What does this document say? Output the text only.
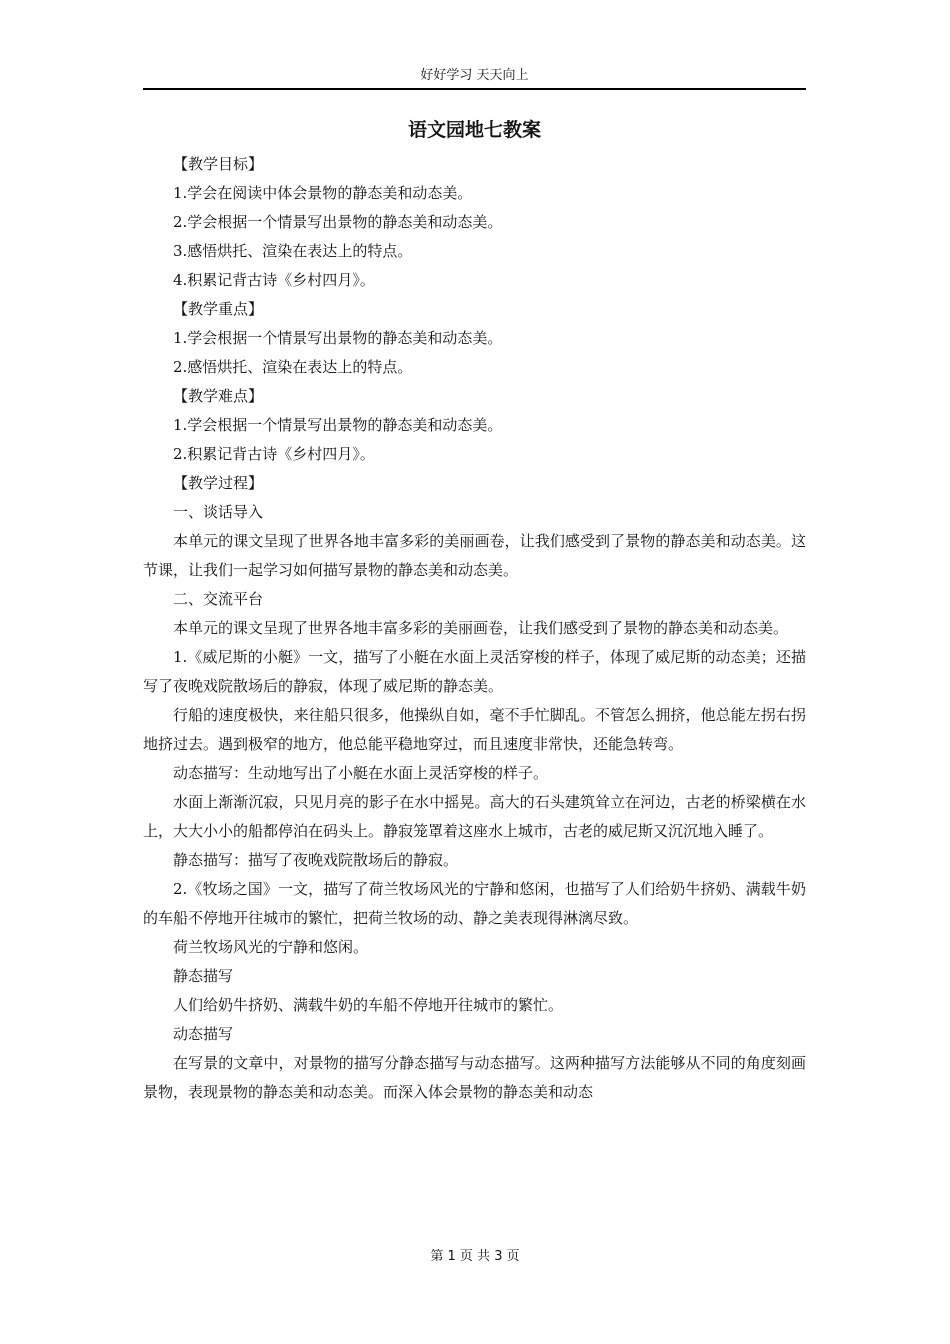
好好学习 天天向上
语文园地七教案

【教学目标】

1.学会在阅读中体会景物的静态美和动态美。

2.学会根据一个情景写出景物的静态美和动态美。

3.感悟烘托、渲染在表达上的特点。

4.积累记背古诗《乡村四月》。

【教学重点】

1.学会根据一个情景写出景物的静态美和动态美。

2.感悟烘托、渲染在表达上的特点。

【教学难点】

1.学会根据一个情景写出景物的静态美和动态美。

2.积累记背古诗《乡村四月》。

【教学过程】

一、谈话导入

本单元的课文呈现了世界各地丰富多彩的美丽画卷，让我们感受到了景物的静态美和动态美。这节课，让我们一起学习如何描写景物的静态美和动态美。

二、交流平台

本单元的课文呈现了世界各地丰富多彩的美丽画卷，让我们感受到了景物的静态美和动态美。

1.《威尼斯的小艇》一文，描写了小艇在水面上灵活穿梭的样子，体现了威尼斯的动态美；还描写了夜晚戏院散场后的静寂，体现了威尼斯的静态美。

行船的速度极快，来往船只很多，他操纵自如，毫不手忙脚乱。不管怎么拥挤，他总能左拐右拐地挤过去。遇到极窄的地方，他总能平稳地穿过，而且速度非常快，还能急转弯。

动态描写：生动地写出了小艇在水面上灵活穿梭的样子。

水面上渐渐沉寂，只见月亮的影子在水中摇晃。高大的石头建筑耸立在河边，古老的桥梁横在水上，大大小小的船都停泊在码头上。静寂笼罩着这座水上城市，古老的威尼斯又沉沉地入睡了。

静态描写：描写了夜晚戏院散场后的静寂。

2.《牧场之国》一文，描写了荷兰牧场风光的宁静和悠闲，也描写了人们给奶牛挤奶、满载牛奶的车船不停地开往城市的繁忙，把荷兰牧场的动、静之美表现得淋漓尽致。

荷兰牧场风光的宁静和悠闲。

静态描写

人们给奶牛挤奶、满载牛奶的车船不停地开往城市的繁忙。

动态描写

在写景的文章中，对景物的描写分静态描写与动态描写。这两种描写方法能够从不同的角度刻画景物，表现景物的静态美和动态美。而深入体会景物的静态美和动态

第 1 页 共 3 页
